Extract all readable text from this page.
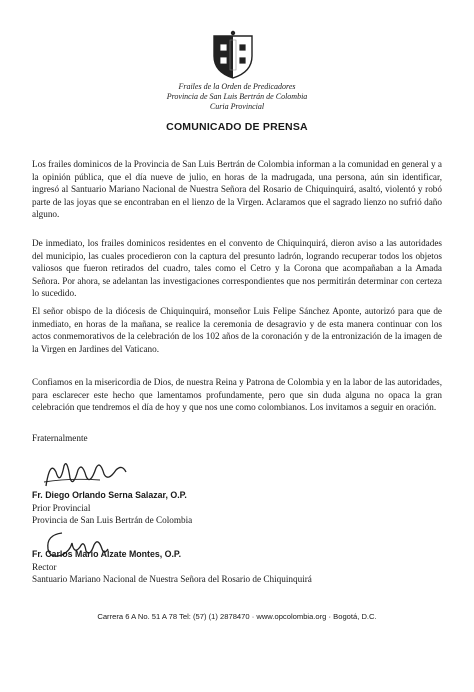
Frailes de la Orden de Predicadores
Provincia de San Luis Bertrán de Colombia
Curia Provincial
COMUNICADO DE PRENSA

Los frailes dominicos de la Provincia de San Luis Bertrán de Colombia informan a la comunidad en general y a la opinión pública, que el día nueve de julio, en horas de la madrugada, una persona, aún sin identificar, ingresó al Santuario Mariano Nacional de Nuestra Señora del Rosario de Chiquinquirá, asaltó, violentó y robó parte de las joyas que se encontraban en el lienzo de la Virgen. Aclaramos que el sagrado lienzo no sufrió daño alguno.

De inmediato, los frailes dominicos residentes en el convento de Chiquinquirá, dieron aviso a las autoridades del municipio, las cuales procedieron con la captura del presunto ladrón, logrando recuperar todos los objetos valiosos que fueron retirados del cuadro, tales como el Cetro y la Corona que acompañaban a la Amada Señora. Por ahora, se adelantan las investigaciones correspondientes que nos permitirán determinar con certeza lo sucedido.

El señor obispo de la diócesis de Chiquinquirá, monseñor Luis Felipe Sánchez Aponte, autorizó para que de inmediato, en horas de la mañana, se realice la ceremonia de desagravio y de esta manera continuar con los actos conmemorativos de la celebración de los 102 años de la coronación y de la entronización de la imagen de la Virgen en Jardines del Vaticano.

Confiamos en la misericordia de Dios, de nuestra Reina y Patrona de Colombia y en la labor de las autoridades, para esclarecer este hecho que lamentamos profundamente, pero que sin duda alguna no opaca la gran celebración que tendremos el día de hoy y que nos une como colombianos. Los invitamos a seguir en oración.

Fraternalmente
Fr. Diego Orlando Serna Salazar, O.P.
Prior Provincial
Provincia de San Luis Bertrán de Colombia
Fr. Carlos Mario Alzate Montes, O.P.
Rector
Santuario Mariano Nacional de Nuestra Señora del Rosario de Chiquinquirá
Carrera 6 A No. 51 A 78 Tel: (57) (1) 2878470 · www.opcolombia.org · Bogotá, D.C.
